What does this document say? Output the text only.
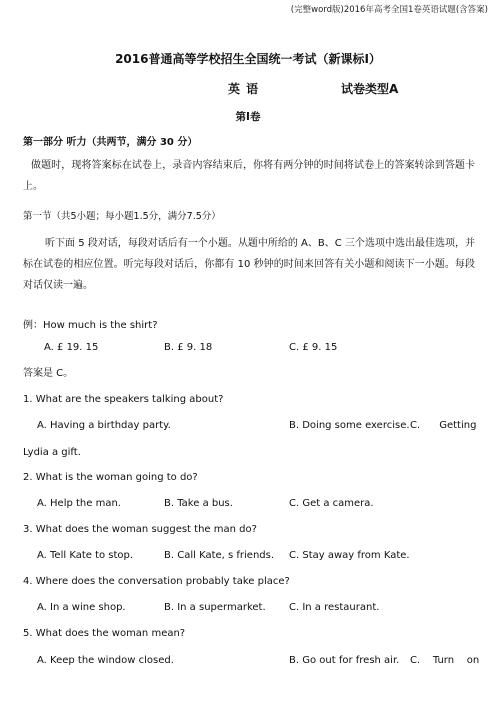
(完整word版)2016年高考全国1卷英语试题(含答案)
2016普通高等学校招生全国统一考试（新课标I）
英 语	试卷类型A
第I卷
第一部分 听力（共两节，满分 30 分）
做题时，现将答案标在试卷上，录音内容结束后，你将有两分钟的时间将试卷上的答案转涂到答题卡上。
第一节（共5小题；每小题1.5分，满分7.5分）
听下面 5 段对话，每段对话后有一个小题。从题中所给的 A、B、C 三个选项中选出最佳选项，并标在试卷的相应位置。听完每段对话后，你都有 10 秒钟的时间来回答有关小题和阅读下一小题。每段对话仅读一遍。
例：How much is the shirt?
A. £ 19. 15	B. £ 9. 18	C. £ 9. 15
答案是 C。
1. What are the speakers talking about?
A. Having a birthday party.	B. Doing some exercise. C.      Getting
Lydia a gift.
2. What is the woman going to do?
A. Help the man.	B. Take a bus.	C. Get a camera.
3. What does the woman suggest the man do?
A. Tell Kate to stop.	B. Call Kate, s friends. C. Stay away from Kate.
4. Where does the conversation probably take place?
A. In a wine shop.	B. In a supermarket. C. In a restaurant.
5. What does the woman mean?
A. Keep the window closed.	B. Go out for fresh air. C.    Turn    on
